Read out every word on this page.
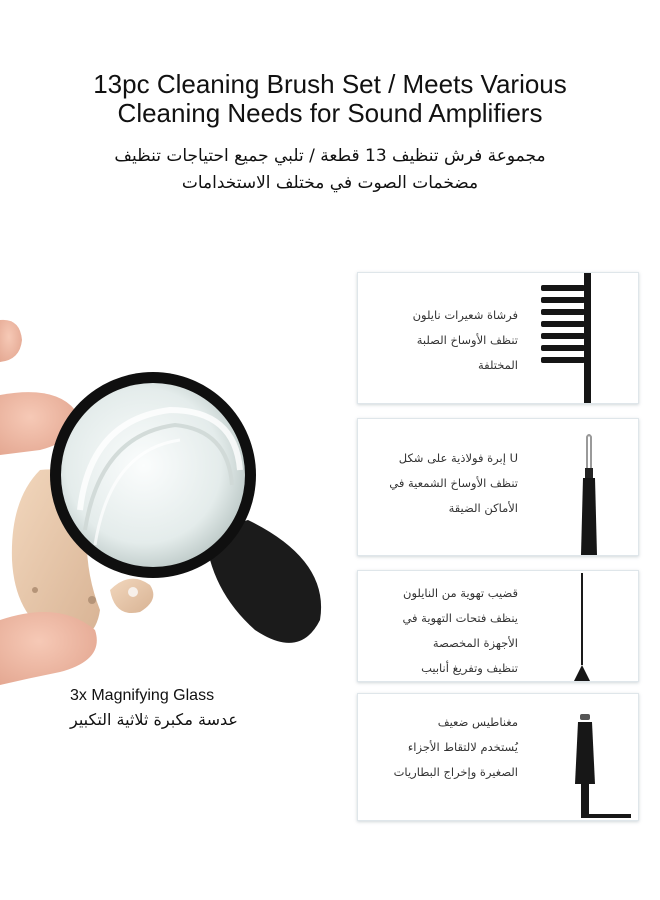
13pc Cleaning Brush Set / Meets Various
Cleaning Needs for Sound Amplifiers
مجموعة فرش تنظيف 13 قطعة / تلبي جميع احتياجات تنظيف
مضخمات الصوت في مختلف الاستخدامات
3x Magnifying Glass
عدسة مكبرة ثلاثية التكبير
فرشاة شعيرات نايلون
تنظف الأوساخ الصلبة
المختلفة
U إبرة فولاذية على شكل
تنظف الأوساخ الشمعية في
الأماكن الضيقة
قضيب تهوية من النايلون
ينظف فتحات التهوية في
الأجهزة المخصصة
تنظيف وتفريغ أنابيب
مغناطيس ضعيف
يُستخدم لالتقاط الأجزاء
الصغيرة وإخراج البطاريات
